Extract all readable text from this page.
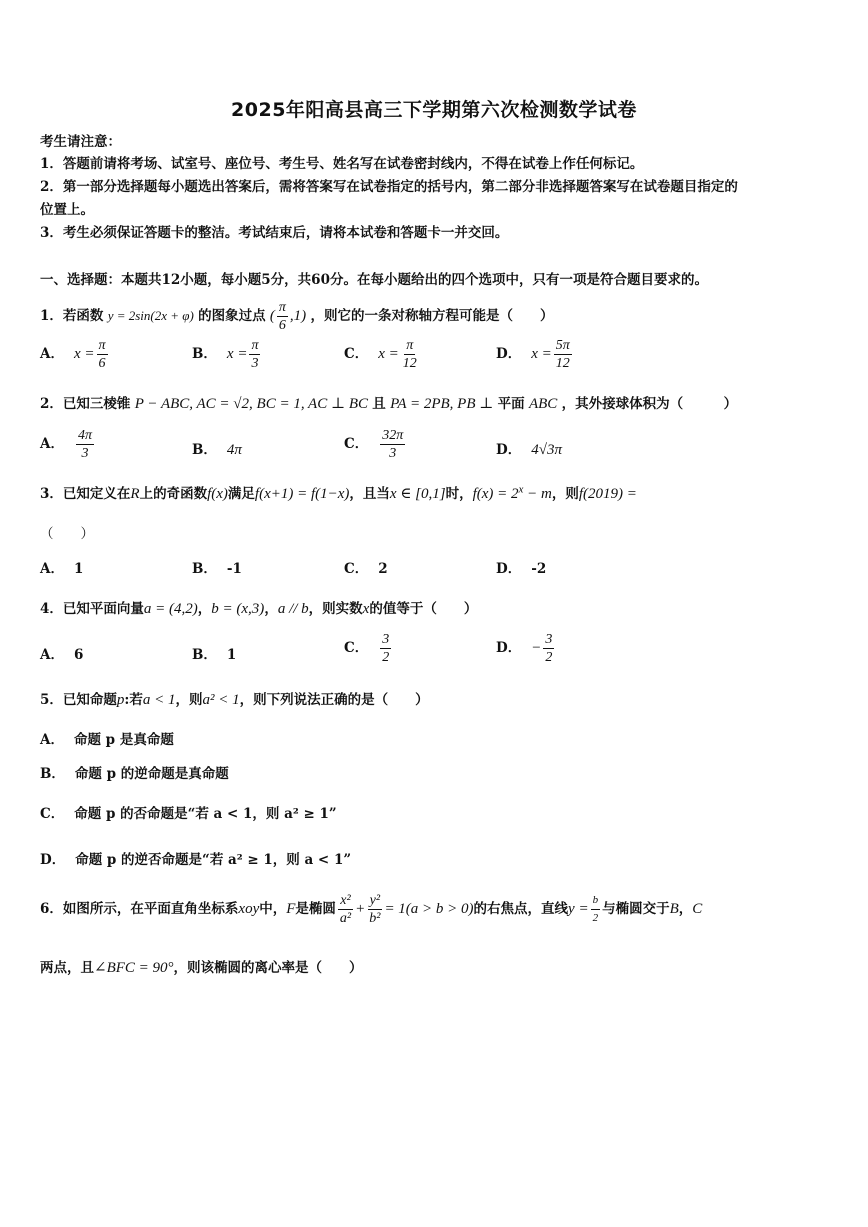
2025年阳高县高三下学期第六次检测数学试卷
考生请注意：
1．答题前请将考场、试室号、座位号、考生号、姓名写在试卷密封线内，不得在试卷上作任何标记。
2．第一部分选择题每小题选出答案后，需将答案写在试卷指定的括号内，第二部分非选择题答案写在试卷题目指定的
位置上。
3．考生必须保证答题卡的整洁。考试结束后，请将本试卷和答题卡一并交回。
一、选择题：本题共12小题，每小题5分，共60分。在每小题给出的四个选项中，只有一项是符合题目要求的。
1．若函数 y = 2sin(2x + φ) 的图象过点 ( $\frac{\pi}{6} ,1$) ，则它的一条对称轴方程可能是（　　）
A． $x = \frac{\pi}{6}$	B． $x = \frac{\pi}{3}$	C． $x = \frac{\pi}{12}$	D． $x = \frac{5\pi}{12}$
2．已知三棱锥 P − ABC, AC = √2, BC = 1, AC ⊥ BC 且 PA = 2PB, PB ⊥ 平面 ABC ，其外接球体积为（　　　）
A． $\frac{4\pi}{3}$	B． 4π	C． $\frac{32\pi}{3}$	D． 4√3π
3．已知定义在R上的奇函数f(x)满足f(x+1) = f(1−x)，且当x ∈ [0,1]时，$f(x) = 2^x - m$，则f(2019) =
（　　）
A． 1	B． -1	C． 2	D． -2
4．已知平面向量a = (4,2)，b = (x,3)，a // b，则实数x的值等于（　　）
A． 6	B． 1	C． $\frac{3}{2}$	D． − $\frac{3}{2}$
5．已知命题p:若a < 1，则a² < 1，则下列说法正确的是（　　）
A． 命题 p 是真命题
B． 命题 p 的逆命题是真命题
C． 命题 p 的否命题是“若 a < 1，则 a² ≥ 1”
D． 命题 p 的逆否命题是“若 a² ≥ 1，则 a < 1”
6．如图所示，在平面直角坐标系xoy中，F是椭圆 $\frac{\text{x²}}{\text{a²}} + \frac{\text{y²}}{\text{b²}} = 1(a > b > 0)$的右焦点，直线$y = \frac{b}{2}$ 与椭圆交于B，C
两点，且∠BFC = 90°，则该椭圆的离心率是（　　）
